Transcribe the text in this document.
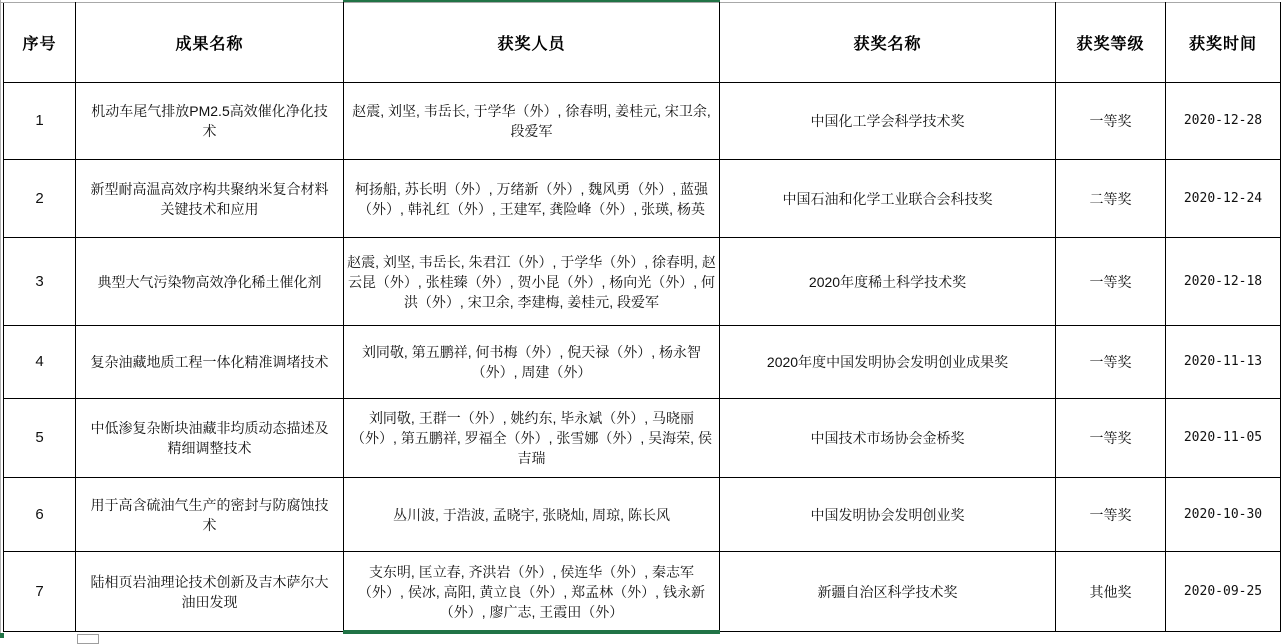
序号	成果名称	获奖人员	获奖名称	获奖等级	获奖时间
1	机动车尾气排放PM2.5高效催化净化技术	赵震, 刘坚, 韦岳长, 于学华（外）, 徐春明, 姜桂元, 宋卫余, 段爱军	中国化工学会科学技术奖	一等奖	2020-12-28
2	新型耐高温高效序构共聚纳米复合材料关键技术和应用	柯扬船, 苏长明（外）, 万绪新（外）, 魏风勇（外）, 蓝强（外）, 韩礼红（外）, 王建军, 龚险峰（外）, 张瑛, 杨英	中国石油和化学工业联合会科技奖	二等奖	2020-12-24
3	典型大气污染物高效净化稀土催化剂	赵震, 刘坚, 韦岳长, 朱君江（外）, 于学华（外）, 徐春明, 赵云昆（外）, 张桂臻（外）, 贺小昆（外）, 杨向光（外）, 何洪（外）, 宋卫余, 李建梅, 姜桂元, 段爱军	2020年度稀土科学技术奖	一等奖	2020-12-18
4	复杂油藏地质工程一体化精准调堵技术	刘同敬, 第五鹏祥, 何书梅（外）, 倪天禄（外）, 杨永智（外）, 周建（外）	2020年度中国发明协会发明创业成果奖	一等奖	2020-11-13
5	中低渗复杂断块油藏非均质动态描述及精细调整技术	刘同敬, 王群一（外）, 姚约东, 毕永斌（外）, 马晓丽（外）, 第五鹏祥, 罗福全（外）, 张雪娜（外）, 吴海荣, 侯吉瑞	中国技术市场协会金桥奖	一等奖	2020-11-05
6	用于高含硫油气生产的密封与防腐蚀技术	丛川波, 于浩波, 孟晓宇, 张晓灿, 周琼, 陈长风	中国发明协会发明创业奖	一等奖	2020-10-30
7	陆相页岩油理论技术创新及吉木萨尔大油田发现	支东明, 匡立春, 齐洪岩（外）, 侯连华（外）, 秦志军（外）, 侯冰, 高阳, 黄立良（外）, 郑孟林（外）, 钱永新（外）, 廖广志, 王霞田（外）	新疆自治区科学技术奖	其他奖	2020-09-25
